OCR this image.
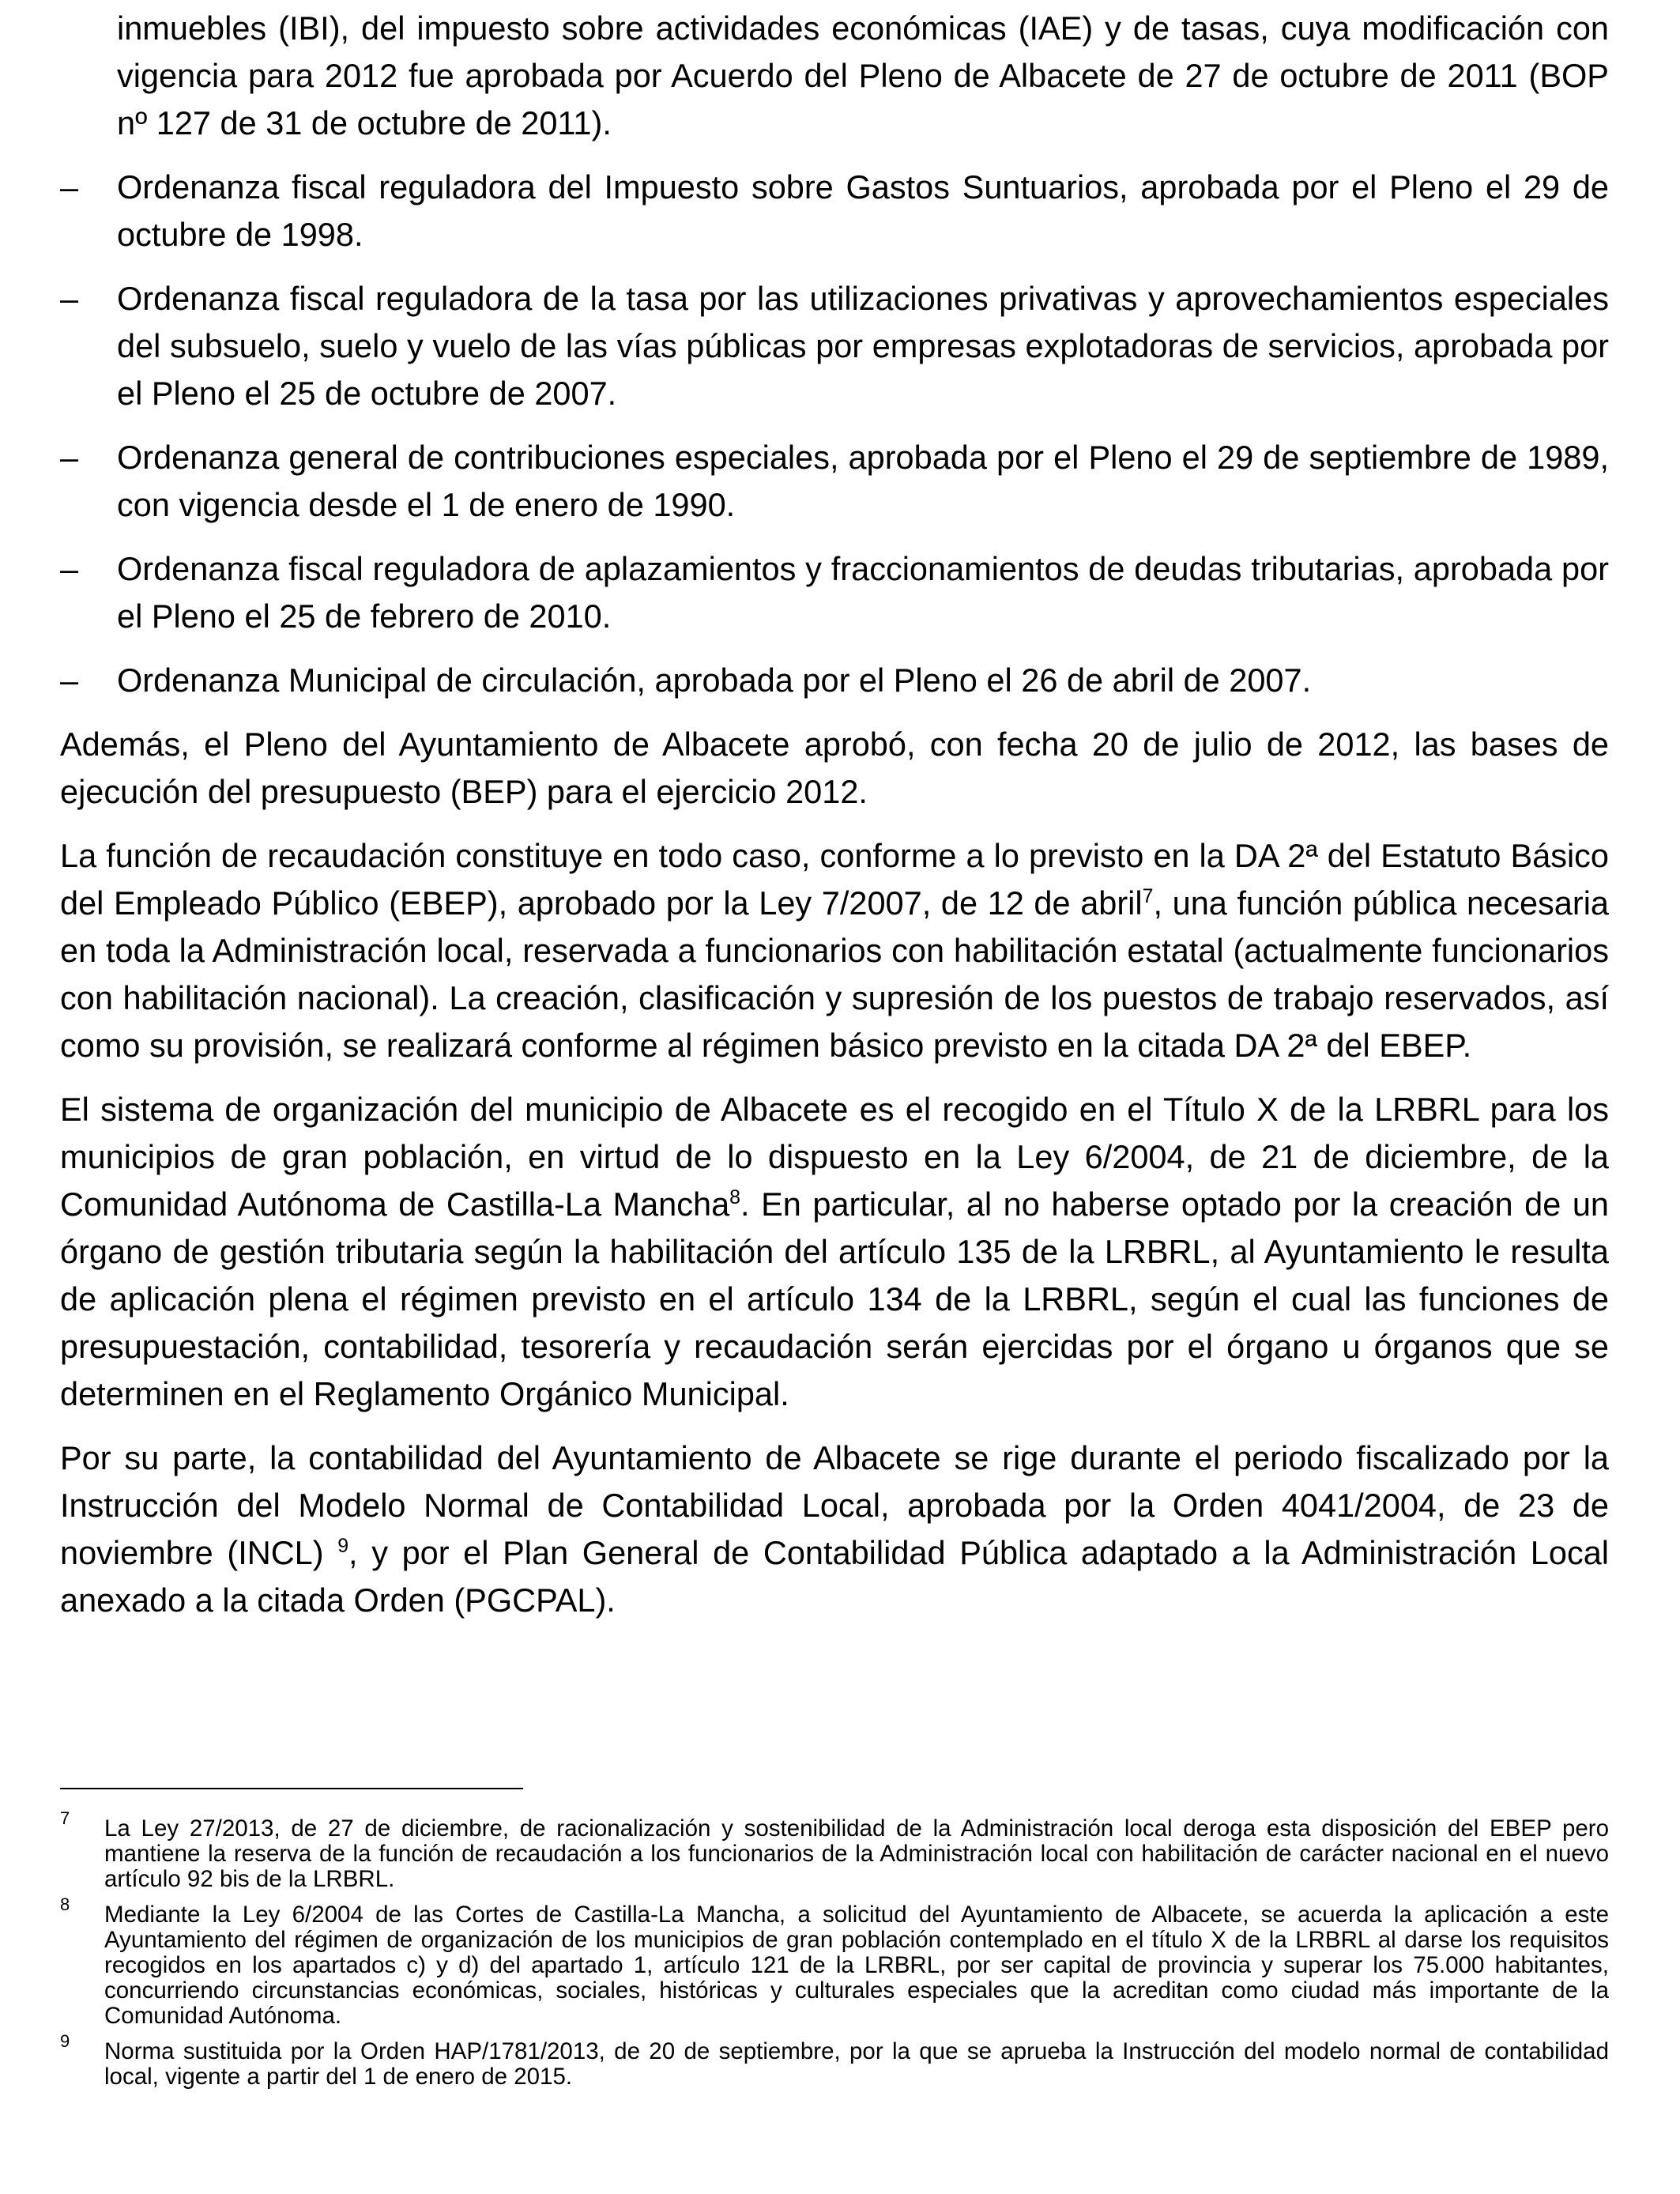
inmuebles (IBI), del impuesto sobre actividades económicas (IAE) y de tasas, cuya modificación con vigencia para 2012 fue aprobada por Acuerdo del Pleno de Albacete de 27 de octubre de 2011 (BOP nº 127 de 31 de octubre de 2011).

–	Ordenanza fiscal reguladora del Impuesto sobre Gastos Suntuarios, aprobada por el Pleno el 29 de octubre de 1998.
–	Ordenanza fiscal reguladora de la tasa por las utilizaciones privativas y aprovechamientos especiales del subsuelo, suelo y vuelo de las vías públicas por empresas explotadoras de servicios, aprobada por el Pleno el 25 de octubre de 2007.
–	Ordenanza general de contribuciones especiales, aprobada por el Pleno el 29 de septiembre de 1989, con vigencia desde el 1 de enero de 1990.
–	Ordenanza fiscal reguladora de aplazamientos y fraccionamientos de deudas tributarias, aprobada por el Pleno el 25 de febrero de 2010.
–	Ordenanza Municipal de circulación, aprobada por el Pleno el 26 de abril de 2007.

Además, el Pleno del Ayuntamiento de Albacete aprobó, con fecha 20 de julio de 2012, las bases de ejecución del presupuesto (BEP) para el ejercicio 2012.

La función de recaudación constituye en todo caso, conforme a lo previsto en la DA 2ª del Estatuto Básico del Empleado Público (EBEP), aprobado por la Ley 7/2007, de 12 de abril$^7$, una función pública necesaria en toda la Administración local, reservada a funcionarios con habilitación estatal (actualmente funcionarios con habilitación nacional). La creación, clasificación y supresión de los puestos de trabajo reservados, así como su provisión, se realizará conforme al régimen básico previsto en la citada DA 2ª del EBEP.

El sistema de organización del municipio de Albacete es el recogido en el Título X de la LRBRL para los municipios de gran población, en virtud de lo dispuesto en la Ley 6/2004, de 21 de diciembre, de la Comunidad Autónoma de Castilla-La Mancha$^8$. En particular, al no haberse optado por la creación de un órgano de gestión tributaria según la habilitación del artículo 135 de la LRBRL, al Ayuntamiento le resulta de aplicación plena el régimen previsto en el artículo 134 de la LRBRL, según el cual las funciones de presupuestación, contabilidad, tesorería y recaudación serán ejercidas por el órgano u órganos que se determinen en el Reglamento Orgánico Municipal.

Por su parte, la contabilidad del Ayuntamiento de Albacete se rige durante el periodo fiscalizado por la Instrucción del Modelo Normal de Contabilidad Local, aprobada por la Orden 4041/2004, de 23 de noviembre (INCL) $^9$, y por el Plan General de Contabilidad Pública adaptado a la Administración Local anexado a la citada Orden (PGCPAL).

7 La Ley 27/2013, de 27 de diciembre, de racionalización y sostenibilidad de la Administración local deroga esta disposición del EBEP pero mantiene la reserva de la función de recaudación a los funcionarios de la Administración local con habilitación de carácter nacional en el nuevo artículo 92 bis de la LRBRL.
8 Mediante la Ley 6/2004 de las Cortes de Castilla-La Mancha, a solicitud del Ayuntamiento de Albacete, se acuerda la aplicación a este Ayuntamiento del régimen de organización de los municipios de gran población contemplado en el título X de la LRBRL al darse los requisitos recogidos en los apartados c) y d) del apartado 1, artículo 121 de la LRBRL, por ser capital de provincia y superar los 75.000 habitantes, concurriendo circunstancias económicas, sociales, históricas y culturales especiales que la acreditan como ciudad más importante de la Comunidad Autónoma.
9 Norma sustituida por la Orden HAP/1781/2013, de 20 de septiembre, por la que se aprueba la Instrucción del modelo normal de contabilidad local, vigente a partir del 1 de enero de 2015.
